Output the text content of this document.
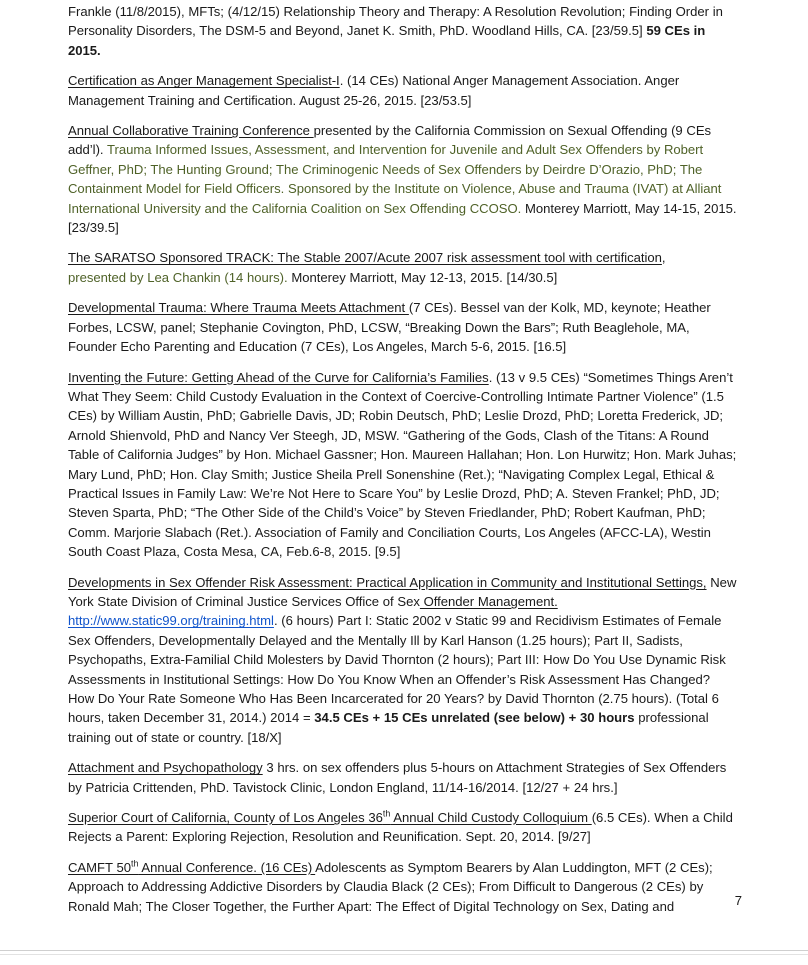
Frankle (11/8/2015), MFTs; (4/12/15) Relationship Theory and Therapy: A Resolution Revolution; Finding Order in Personality Disorders, The DSM-5 and Beyond, Janet K. Smith, PhD. Woodland Hills, CA. [23/59.5] 59 CEs in 2015.

Certification as Anger Management Specialist-I. (14 CEs) National Anger Management Association. Anger Management Training and Certification. August 25-26, 2015. [23/53.5]

Annual Collaborative Training Conference presented by the California Commission on Sexual Offending (9 CEs add’l). Trauma Informed Issues, Assessment, and Intervention for Juvenile and Adult Sex Offenders by Robert Geffner, PhD; The Hunting Ground; The Criminogenic Needs of Sex Offenders by Deirdre D’Orazio, PhD; The Containment Model for Field Officers. Sponsored by the Institute on Violence, Abuse and Trauma (IVAT) at Alliant International University and the California Coalition on Sex Offending CCOSO. Monterey Marriott, May 14-15, 2015. [23/39.5]

The SARATSO Sponsored TRACK: The Stable 2007/Acute 2007 risk assessment tool with certification,
presented by Lea Chankin (14 hours). Monterey Marriott, May 12-13, 2015. [14/30.5]

Developmental Trauma: Where Trauma Meets Attachment (7 CEs). Bessel van der Kolk, MD, keynote; Heather Forbes, LCSW, panel; Stephanie Covington, PhD, LCSW, “Breaking Down the Bars”; Ruth Beaglehole, MA, Founder Echo Parenting and Education (7 CEs), Los Angeles, March 5-6, 2015. [16.5]

Inventing the Future: Getting Ahead of the Curve for California’s Families. (13 v 9.5 CEs) “Sometimes Things Aren’t What They Seem: Child Custody Evaluation in the Context of Coercive-Controlling Intimate Partner Violence” (1.5 CEs) by William Austin, PhD; Gabrielle Davis, JD; Robin Deutsch, PhD; Leslie Drozd, PhD; Loretta Frederick, JD; Arnold Shienvold, PhD and Nancy Ver Steegh, JD, MSW. “Gathering of the Gods, Clash of the Titans: A Round Table of California Judges” by Hon. Michael Gassner; Hon. Maureen Hallahan; Hon. Lon Hurwitz; Hon. Mark Juhas; Mary Lund, PhD; Hon. Clay Smith; Justice Sheila Prell Sonenshine (Ret.); “Navigating Complex Legal, Ethical & Practical Issues in Family Law: We’re Not Here to Scare You” by Leslie Drozd, PhD; A. Steven Frankel; PhD, JD; Steven Sparta, PhD; “The Other Side of the Child’s Voice” by Steven Friedlander, PhD; Robert Kaufman, PhD; Comm. Marjorie Slabach (Ret.). Association of Family and Conciliation Courts, Los Angeles (AFCC-LA), Westin South Coast Plaza, Costa Mesa, CA, Feb.6-8, 2015. [9.5]

Developments in Sex Offender Risk Assessment: Practical Application in Community and Institutional Settings, New York State Division of Criminal Justice Services Office of Sex Offender Management.
http://www.static99.org/training.html. (6 hours) Part I: Static 2002 v Static 99 and Recidivism Estimates of Female Sex Offenders, Developmentally Delayed and the Mentally Ill by Karl Hanson (1.25 hours); Part II, Sadists, Psychopaths, Extra-Familial Child Molesters by David Thornton (2 hours); Part III: How Do You Use Dynamic Risk Assessments in Institutional Settings: How Do You Know When an Offender’s Risk Assessment Has Changed? How Do Your Rate Someone Who Has Been Incarcerated for 20 Years? by David Thornton (2.75 hours). (Total 6 hours, taken December 31, 2014.) 2014 = 34.5 CEs + 15 CEs unrelated (see below) + 30 hours professional training out of state or country. [18/X]

Attachment and Psychopathology 3 hrs. on sex offenders plus 5-hours on Attachment Strategies of Sex Offenders by Patricia Crittenden, PhD. Tavistock Clinic, London England, 11/14-16/2014. [12/27 + 24 hrs.]

Superior Court of California, County of Los Angeles 36th Annual Child Custody Colloquium (6.5 CEs). When a Child Rejects a Parent: Exploring Rejection, Resolution and Reunification. Sept. 20, 2014. [9/27]

CAMFT 50th Annual Conference. (16 CEs) Adolescents as Symptom Bearers by Alan Luddington, MFT (2 CEs); Approach to Addressing Addictive Disorders by Claudia Black (2 CEs); From Difficult to Dangerous (2 CEs) by Ronald Mah; The Closer Together, the Further Apart: The Effect of Digital Technology on Sex, Dating and	7
